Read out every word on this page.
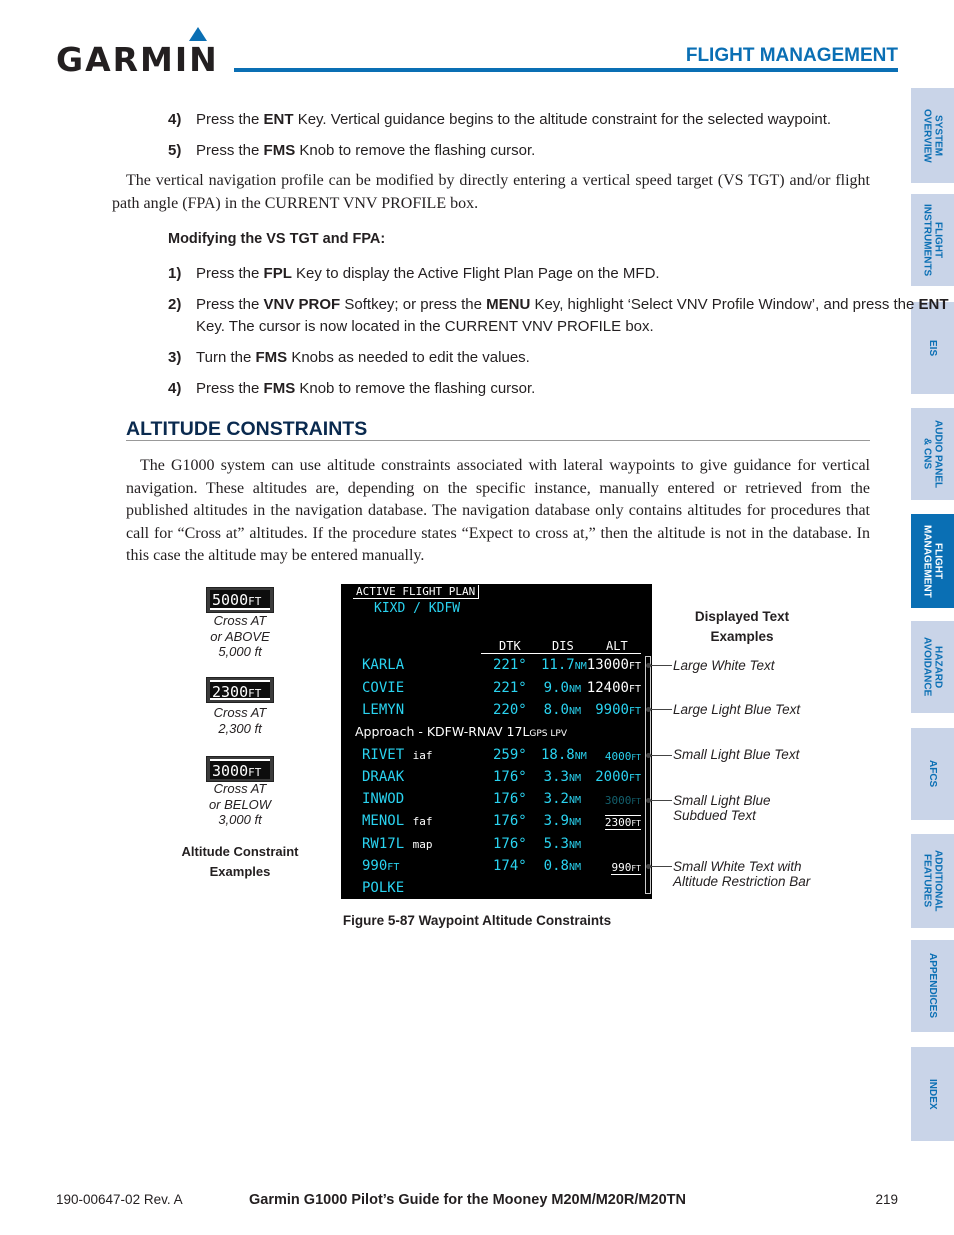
GARMIN	FLIGHT MANAGEMENT
SYSTEM
OVERVIEW
FLIGHT
INSTRUMENTS
EIS
AUDIO PANEL
& CNS
FLIGHT
MANAGEMENT
HAZARD
AVOIDANCE
AFCS
ADDITIONAL
FEATURES
APPENDICES
INDEX
4) Press the ENT Key. Vertical guidance begins to the altitude constraint for the selected waypoint.
5) Press the FMS Knob to remove the flashing cursor.
The vertical navigation profile can be modified by directly entering a vertical speed target (VS TGT) and/or flight path angle (FPA) in the CURRENT VNV PROFILE box.
Modifying the VS TGT and FPA:
1) Press the FPL Key to display the Active Flight Plan Page on the MFD.
2) Press the VNV PROF Softkey; or press the MENU Key, highlight ‘Select VNV Profile Window’, and press the ENT
Key. The cursor is now located in the CURRENT VNV PROFILE box.
3) Turn the FMS Knobs as needed to edit the values.
4) Press the FMS Knob to remove the flashing cursor.
ALTITUDE CONSTRAINTS
The G1000 system can use altitude constraints associated with lateral waypoints to give guidance for vertical navigation. These altitudes are, depending on the specific instance, manually entered or retrieved from the published altitudes in the navigation database. The navigation database only contains altitudes for procedures that call for “Cross at” altitudes. If the procedure states “Expect to cross at,” then the altitude is not in the database. In this case the altitude may be entered manually.
5000FT
Cross AT
or ABOVE
5,000 ft
2300FT
Cross AT
2,300 ft
3000FT
Cross AT
or BELOW
3,000 ft
Altitude Constraint
Examples
ACTIVE FLIGHT PLAN
KIXD / KDFW
DTK	DIS	ALT
KARLA	221° 11.7NM 13000FT
COVIE	221° 9.0NM 12400FT
LEMYN	220° 8.0NM	9900FT
RIVET iaf	259° 18.8NM	4000FT
DRAAK	176° 3.3NM	2000FT
INWOD	176° 3.2NM	3000FT
MENOL faf	176° 3.9NM	2300FT
RW17L map	176° 5.3NM
990FT	174° 0.8NM	990FT
POLKE
Approach - KDFW-RNAV 17LGPS LPV
Displayed Text
Examples
Large White Text
Large Light Blue Text
Small Light Blue Text
Small Light Blue
Subdued Text
Small White Text with
Altitude Restriction Bar
Figure 5-87 Waypoint Altitude Constraints
190-00647-02 Rev. A	Garmin G1000 Pilot’s Guide for the Mooney M20M/M20R/M20TN	219
